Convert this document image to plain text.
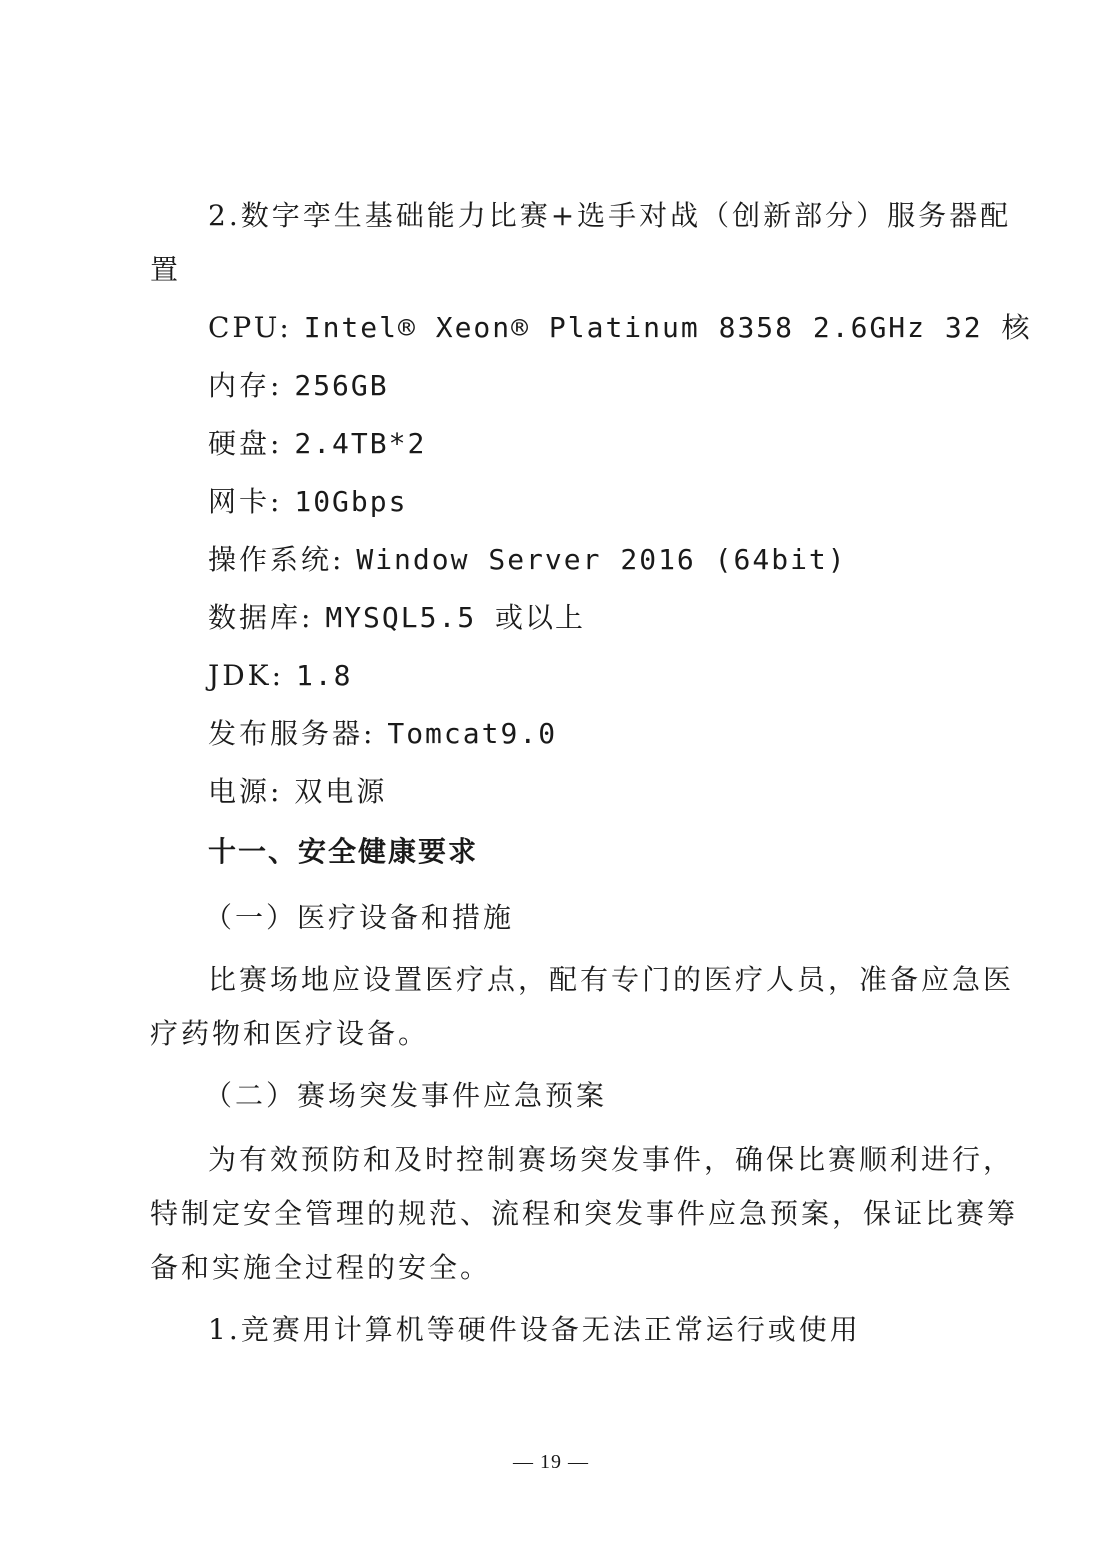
2.数字孪生基础能力比赛+选手对战（创新部分）服务器配
置
CPU: Intel® Xeon® Platinum 8358 2.6GHz 32 核
内存: 256GB
硬盘: 2.4TB*2
网卡: 10Gbps
操作系统: Window Server 2016 (64bit)
数据库: MYSQL5.5 或以上
JDK: 1.8
发布服务器: Tomcat9.0
电源: 双电源
十一、安全健康要求
（一）医疗设备和措施
比赛场地应设置医疗点，配有专门的医疗人员，准备应急医
疗药物和医疗设备。
（二）赛场突发事件应急预案
为有效预防和及时控制赛场突发事件，确保比赛顺利进行，
特制定安全管理的规范、流程和突发事件应急预案，保证比赛筹
备和实施全过程的安全。
1.竞赛用计算机等硬件设备无法正常运行或使用
— 19 —
